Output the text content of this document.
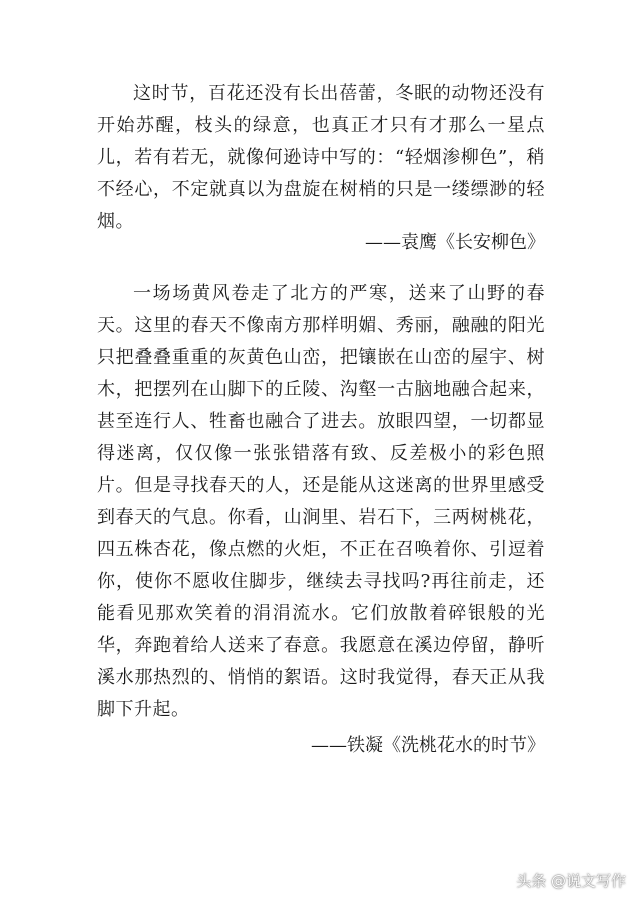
这时节，百花还没有长出蓓蕾，冬眠的动物还没有开始苏醒，枝头的绿意，也真正才只有才那么一星点儿，若有若无，就像何逊诗中写的：“轻烟渗柳色”，稍不经心，不定就真以为盘旋在树梢的只是一缕缥渺的轻烟。

——袁鹰《长安柳色》

一场场黄风卷走了北方的严寒，送来了山野的春天。这里的春天不像南方那样明媚、秀丽，融融的阳光只把叠叠重重的灰黄色山峦，把镶嵌在山峦的屋宇、树木，把摆列在山脚下的丘陵、沟壑一古脑地融合起来，甚至连行人、牲畜也融合了进去。放眼四望，一切都显得迷离，仅仅像一张张错落有致、反差极小的彩色照片。但是寻找春天的人，还是能从这迷离的世界里感受到春天的气息。你看，山涧里、岩石下，三两树桃花，四五株杏花，像点燃的火炬，不正在召唤着你、引逗着你，使你不愿收住脚步，继续去寻找吗?再往前走，还能看见那欢笑着的涓涓流水。它们放散着碎银般的光华，奔跑着给人送来了春意。我愿意在溪边停留，静听溪水那热烈的、悄悄的絮语。这时我觉得，春天正从我脚下升起。

——铁凝《洗桃花水的时节》

头条 @说文写作
